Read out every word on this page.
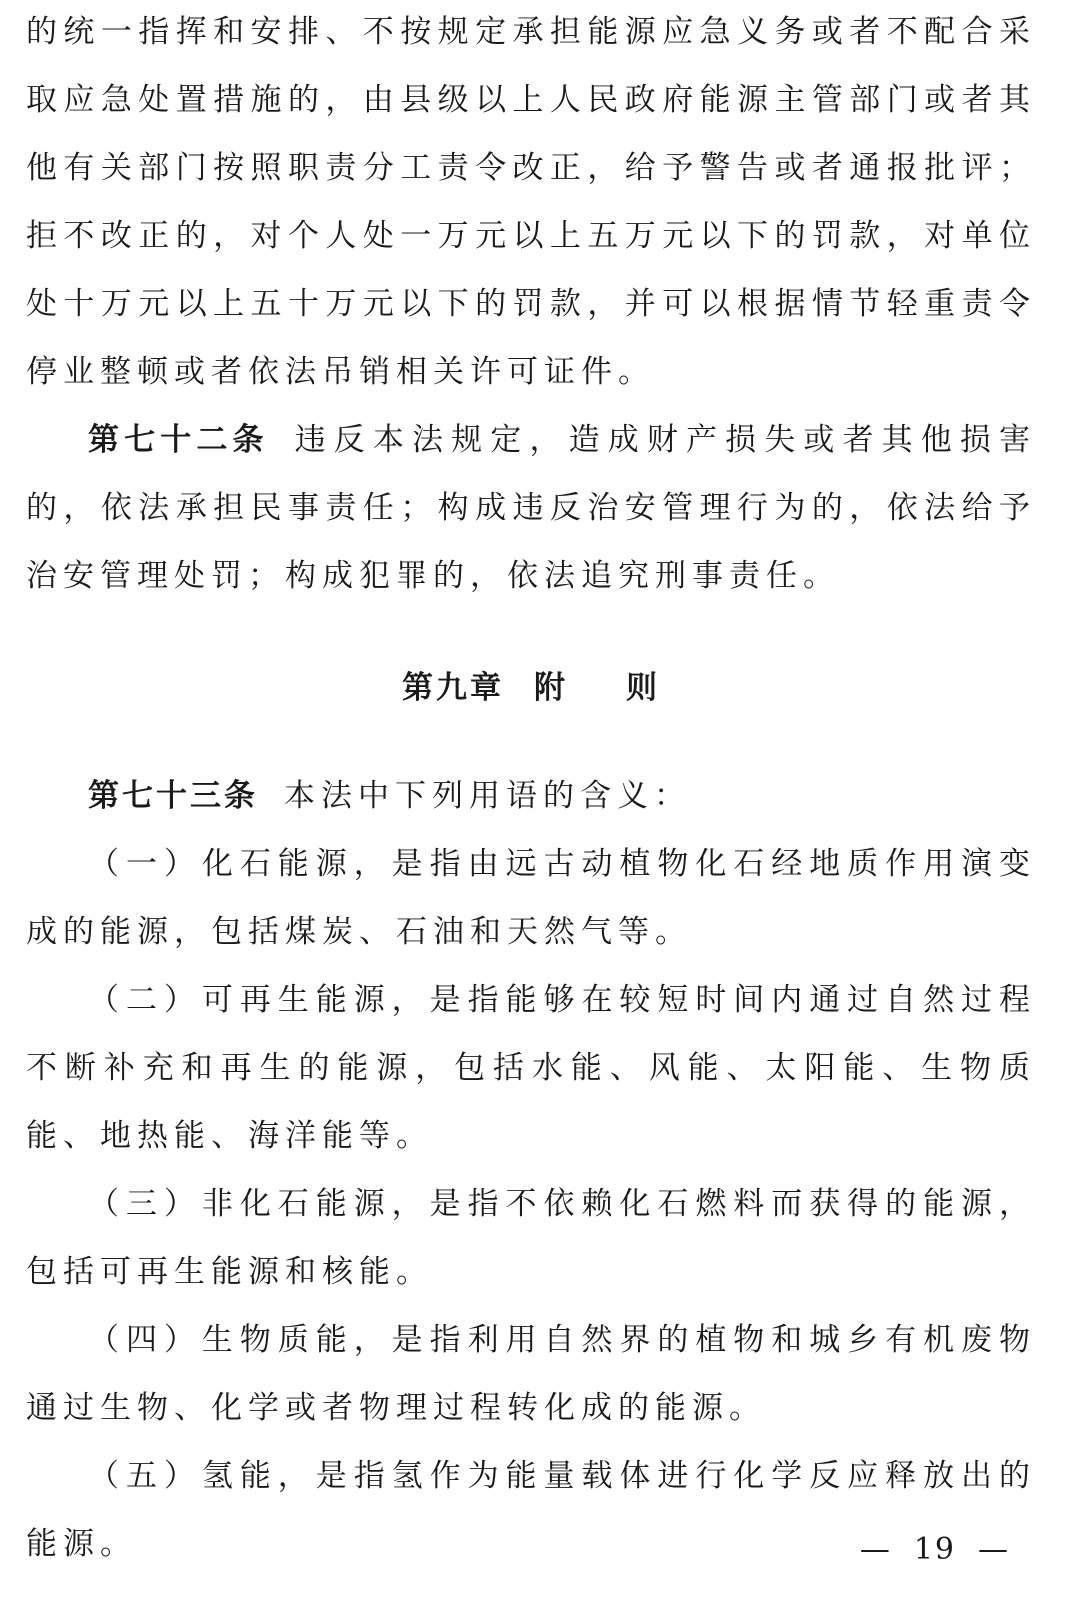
的统一指挥和安排、不按规定承担能源应急义务或者不配合采取应急处置措施的，由县级以上人民政府能源主管部门或者其他有关部门按照职责分工责令改正，给予警告或者通报批评；拒不改正的，对个人处一万元以上五万元以下的罚款，对单位处十万元以上五十万元以下的罚款，并可以根据情节轻重责令停业整顿或者依法吊销相关许可证件。

第七十二条 违反本法规定，造成财产损失或者其他损害的，依法承担民事责任；构成违反治安管理行为的，依法给予治安管理处罚；构成犯罪的，依法追究刑事责任。

第九章 附 则

第七十三条 本法中下列用语的含义：

（一）化石能源，是指由远古动植物化石经地质作用演变成的能源，包括煤炭、石油和天然气等。

（二）可再生能源，是指能够在较短时间内通过自然过程不断补充和再生的能源，包括水能、风能、太阳能、生物质能、地热能、海洋能等。

（三）非化石能源，是指不依赖化石燃料而获得的能源，包括可再生能源和核能。

（四）生物质能，是指利用自然界的植物和城乡有机废物通过生物、化学或者物理过程转化成的能源。

（五）氢能，是指氢作为能量载体进行化学反应释放出的能源。	— 19 —
